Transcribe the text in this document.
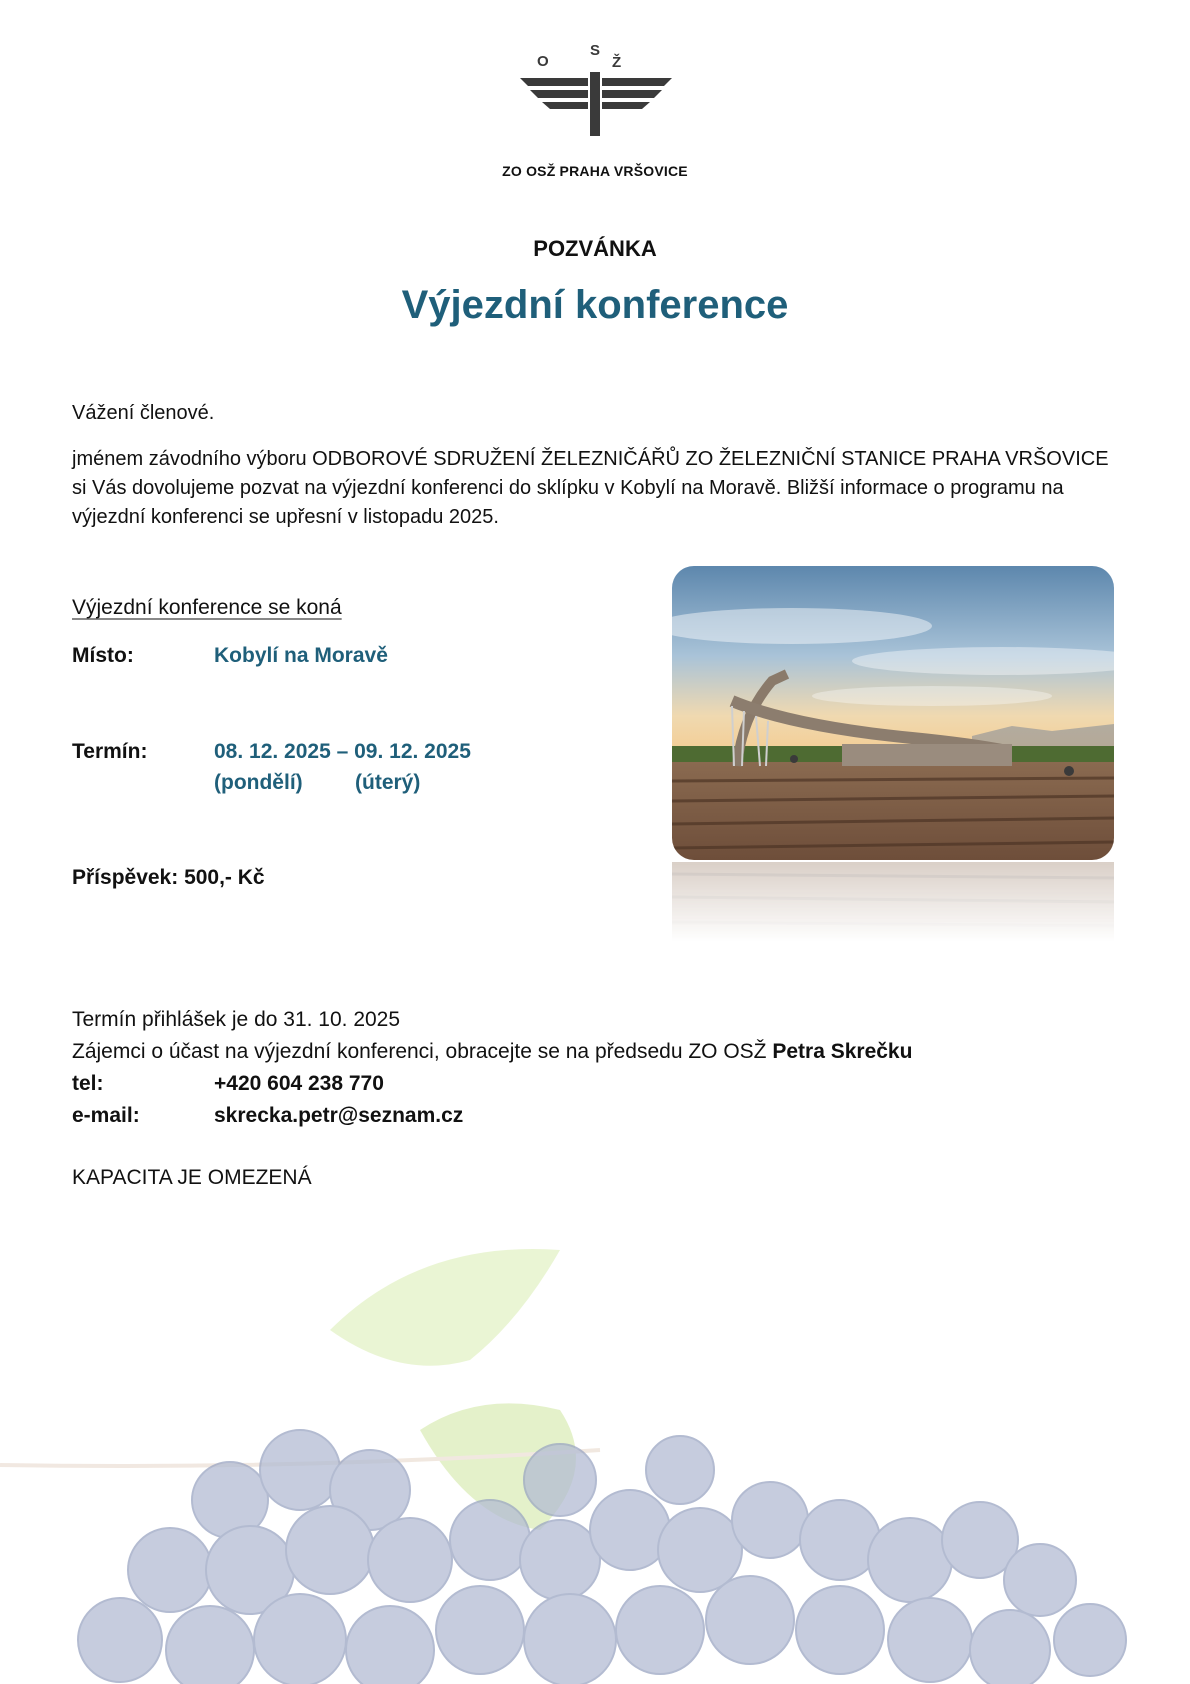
O
S
Ž
ZO OSŽ PRAHA VRŠOVICE
POZVÁNKA
Výjezdní konference
Vážení členové.
jménem závodního výboru ODBOROVÉ SDRUŽENÍ ŽELEZNIČÁŘŮ ZO ŽELEZNIČNÍ STANICE PRAHA VRŠOVICE
si Vás dovolujeme pozvat na výjezdní konferenci do sklípku v Kobylí na Moravě. Bližší informace o programu na
výjezdní konferenci se upřesní v listopadu 2025.
Výjezdní konference se koná
Místo:	Kobylí na Moravě
Termín:	08. 12. 2025 – 09. 12. 2025
(pondělí) (úterý)
Příspěvek: 500,- Kč
Termín přihlášek je do 31. 10. 2025
Zájemci o účast na výjezdní konferenci, obracejte se na předsedu ZO OSŽ Petra Skrečku
tel:	+420 604 238 770
e-mail:	skrecka.petr@seznam.cz
KAPACITA JE OMEZENÁ
